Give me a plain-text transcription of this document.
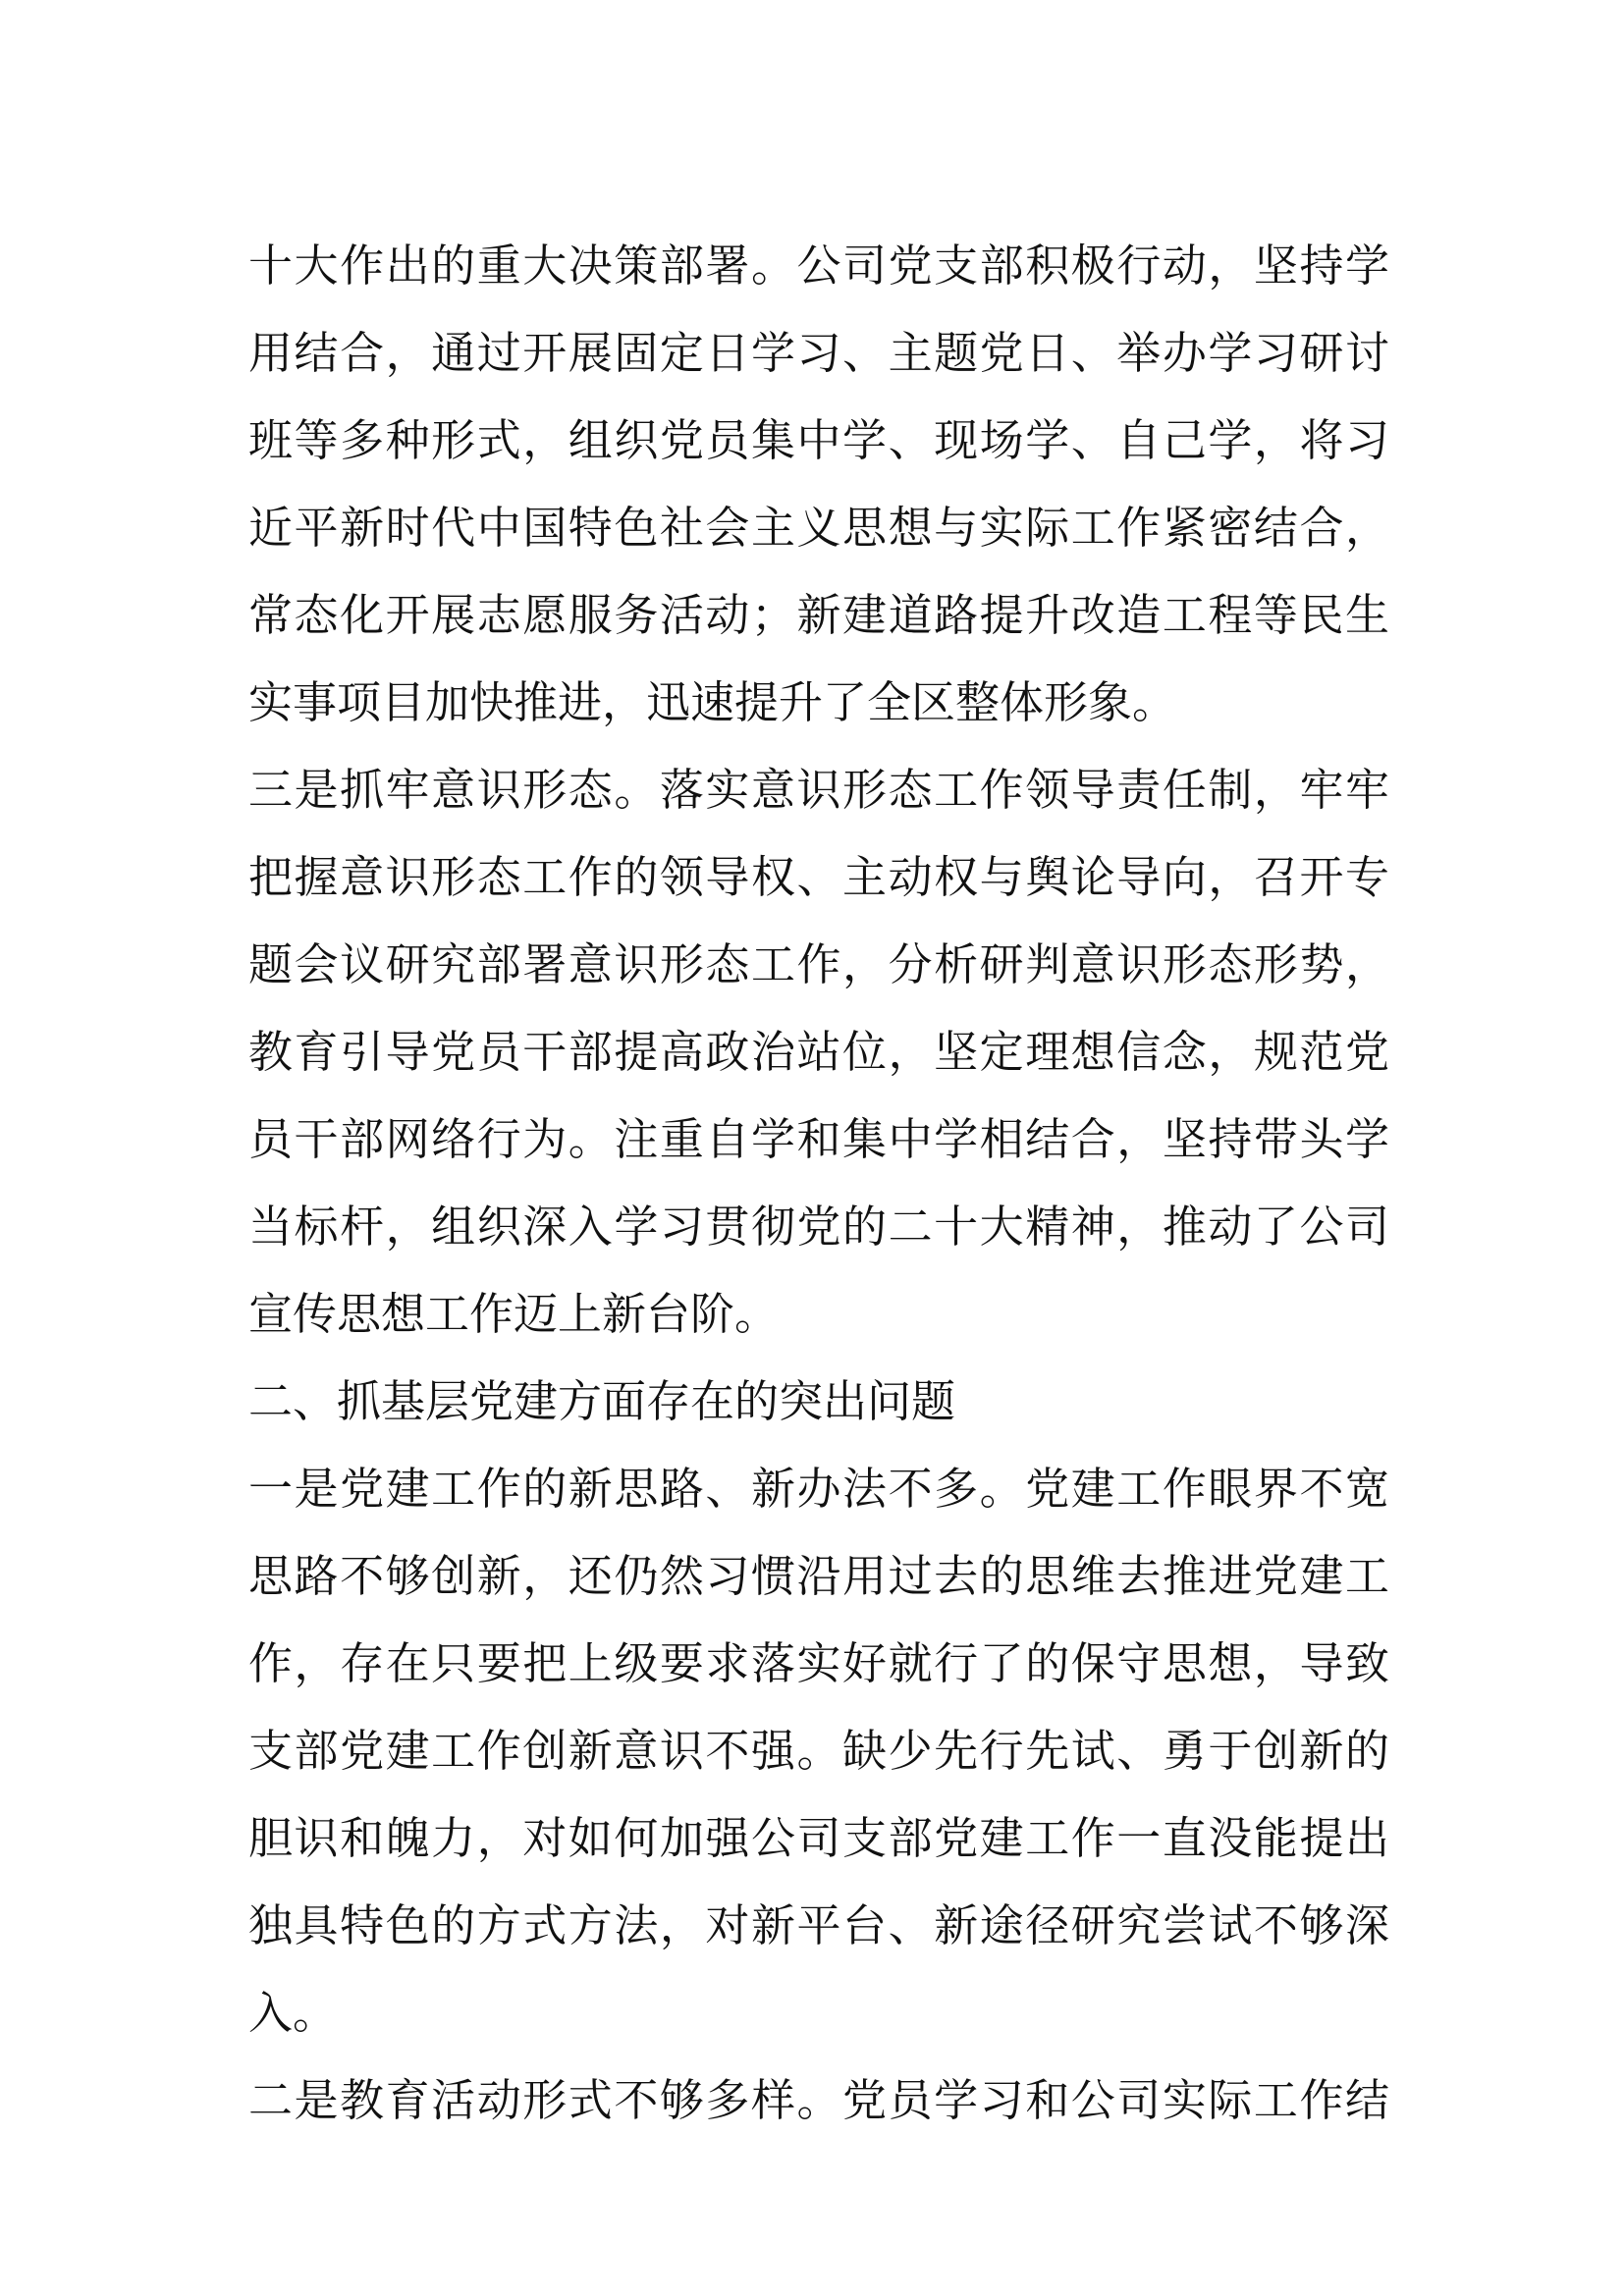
十大作出的重大决策部署。公司党支部积极行动，坚持学
用结合，通过开展固定日学习、主题党日、举办学习研讨
班等多种形式，组织党员集中学、现场学、自己学，将习
近平新时代中国特色社会主义思想与实际工作紧密结合，
常态化开展志愿服务活动；新建道路提升改造工程等民生
实事项目加快推进，迅速提升了全区整体形象。
三是抓牢意识形态。落实意识形态工作领导责任制，牢牢
把握意识形态工作的领导权、主动权与舆论导向，召开专
题会议研究部署意识形态工作，分析研判意识形态形势，
教育引导党员干部提高政治站位，坚定理想信念，规范党
员干部网络行为。注重自学和集中学相结合，坚持带头学
当标杆，组织深入学习贯彻党的二十大精神，推动了公司
宣传思想工作迈上新台阶。
二、抓基层党建方面存在的突出问题
一是党建工作的新思路、新办法不多。党建工作眼界不宽
思路不够创新，还仍然习惯沿用过去的思维去推进党建工
作，存在只要把上级要求落实好就行了的保守思想，导致
支部党建工作创新意识不强。缺少先行先试、勇于创新的
胆识和魄力，对如何加强公司支部党建工作一直没能提出
独具特色的方式方法，对新平台、新途径研究尝试不够深
入。
二是教育活动形式不够多样。党员学习和公司实际工作结
